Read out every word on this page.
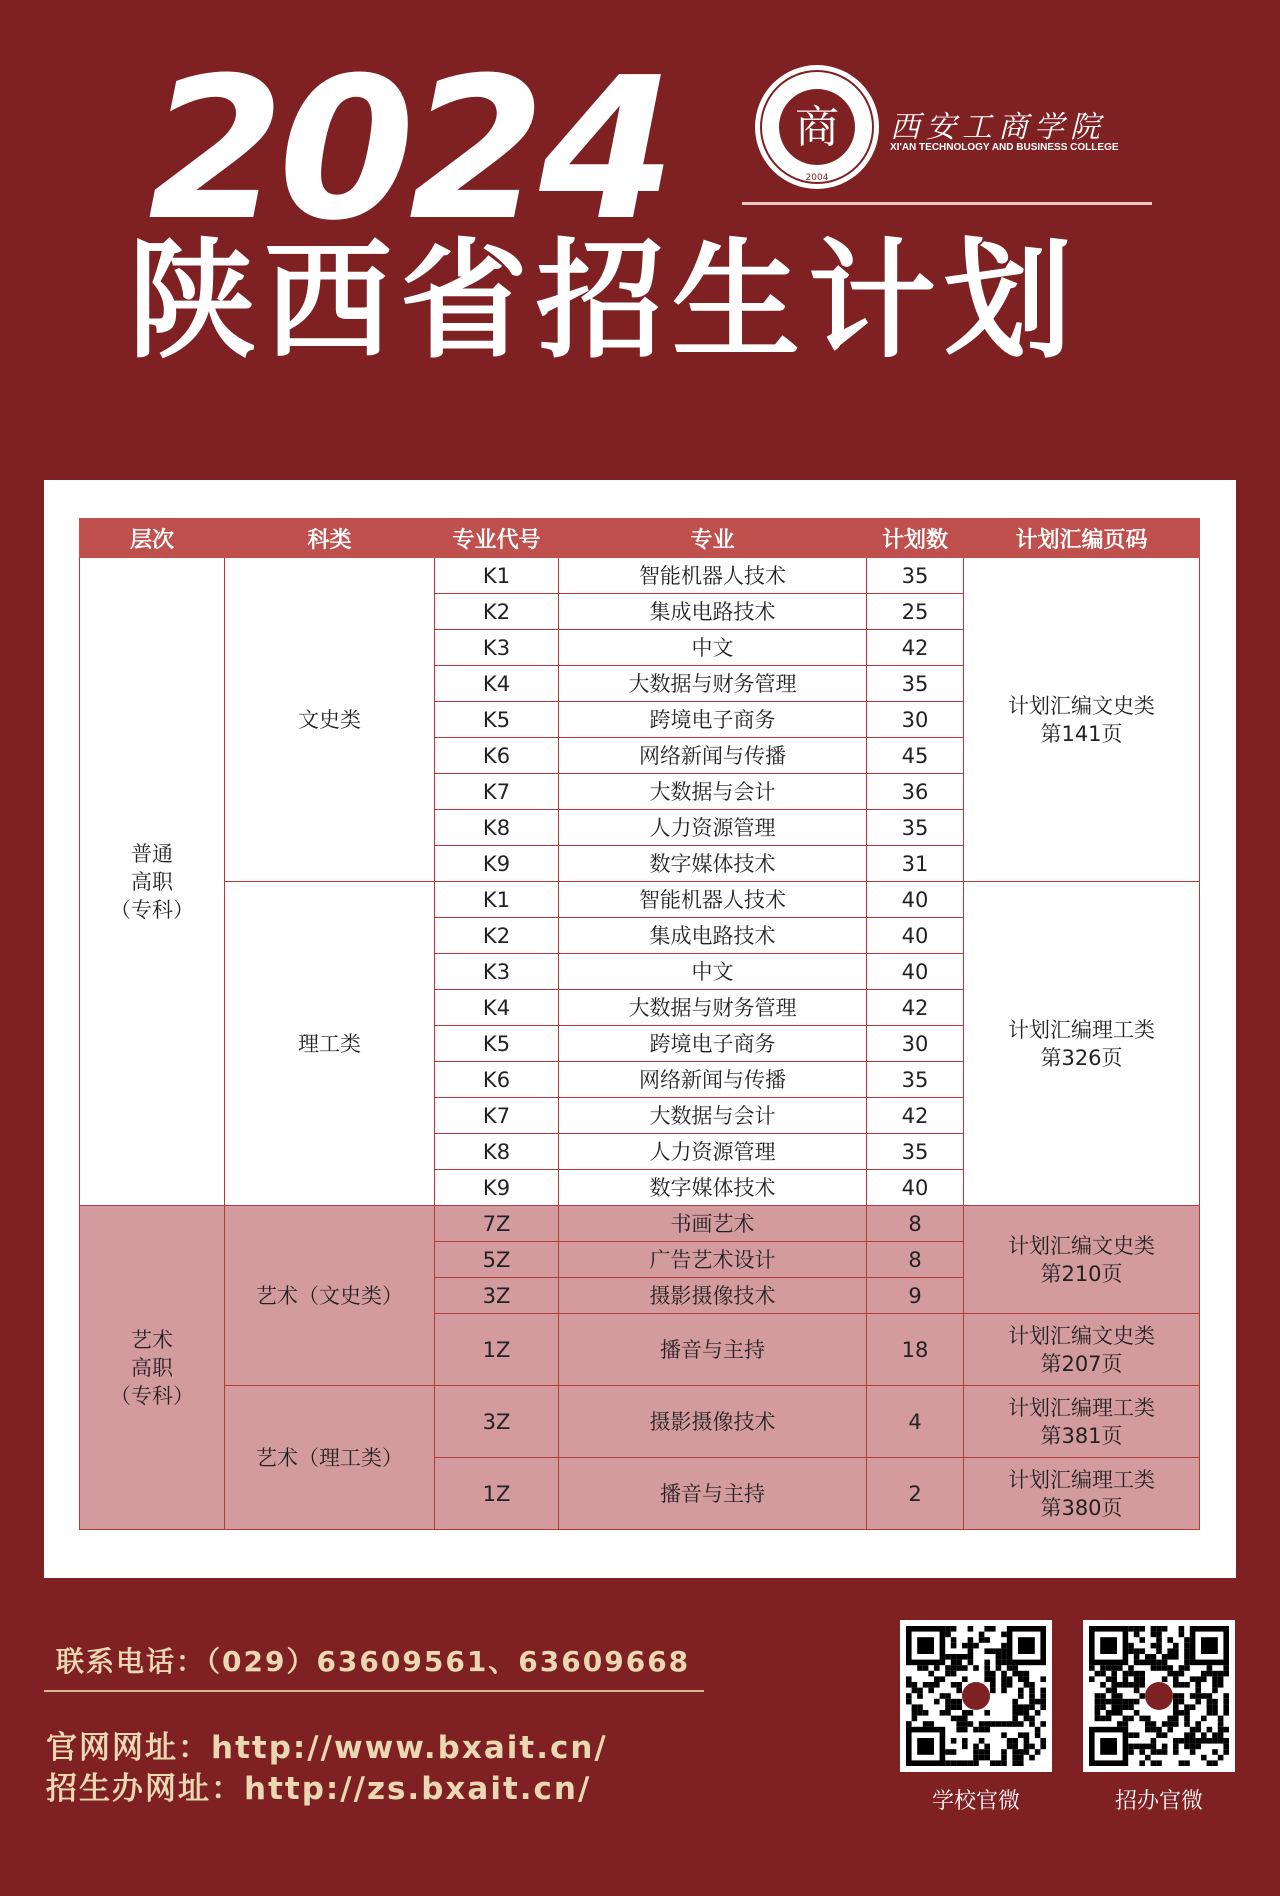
2024	商
2004
西安工商学院
XI'AN TECHNOLOGY AND BUSINESS COLLEGE
陕西省招生计划
层次	科类	专业代号	专业	计划数	计划汇编页码
普通
高职
（专科）	文史类	K1	智能机器人技术	35	计划汇编文史类
第141页
		K2	集成电路技术	25	
		K3	中文	42	
		K4	大数据与财务管理	35	
		K5	跨境电子商务	30	
		K6	网络新闻与传播	45	
		K7	大数据与会计	36	
		K8	人力资源管理	35	
		K9	数字媒体技术	31	
	理工类	K1	智能机器人技术	40	计划汇编理工类
第326页
		K2	集成电路技术	40	
		K3	中文	40	
		K4	大数据与财务管理	42	
		K5	跨境电子商务	30	
		K6	网络新闻与传播	35	
		K7	大数据与会计	42	
		K8	人力资源管理	35	
		K9	数字媒体技术	40	
艺术
高职
（专科）	艺术（文史类）	7Z	书画艺术	8	计划汇编文史类
第210页
		5Z	广告艺术设计	8	
		3Z	摄影摄像技术	9	
		1Z	播音与主持	18	计划汇编文史类
第207页
	艺术（理工类）	3Z	摄影摄像技术	4	计划汇编理工类
第381页
		1Z	播音与主持	2	计划汇编理工类
第380页
联系电话：（029）63609561、63609668
官网网址：http://www.bxait.cn/
招生办网址：http://zs.bxait.cn/	学校官微	招办官微
